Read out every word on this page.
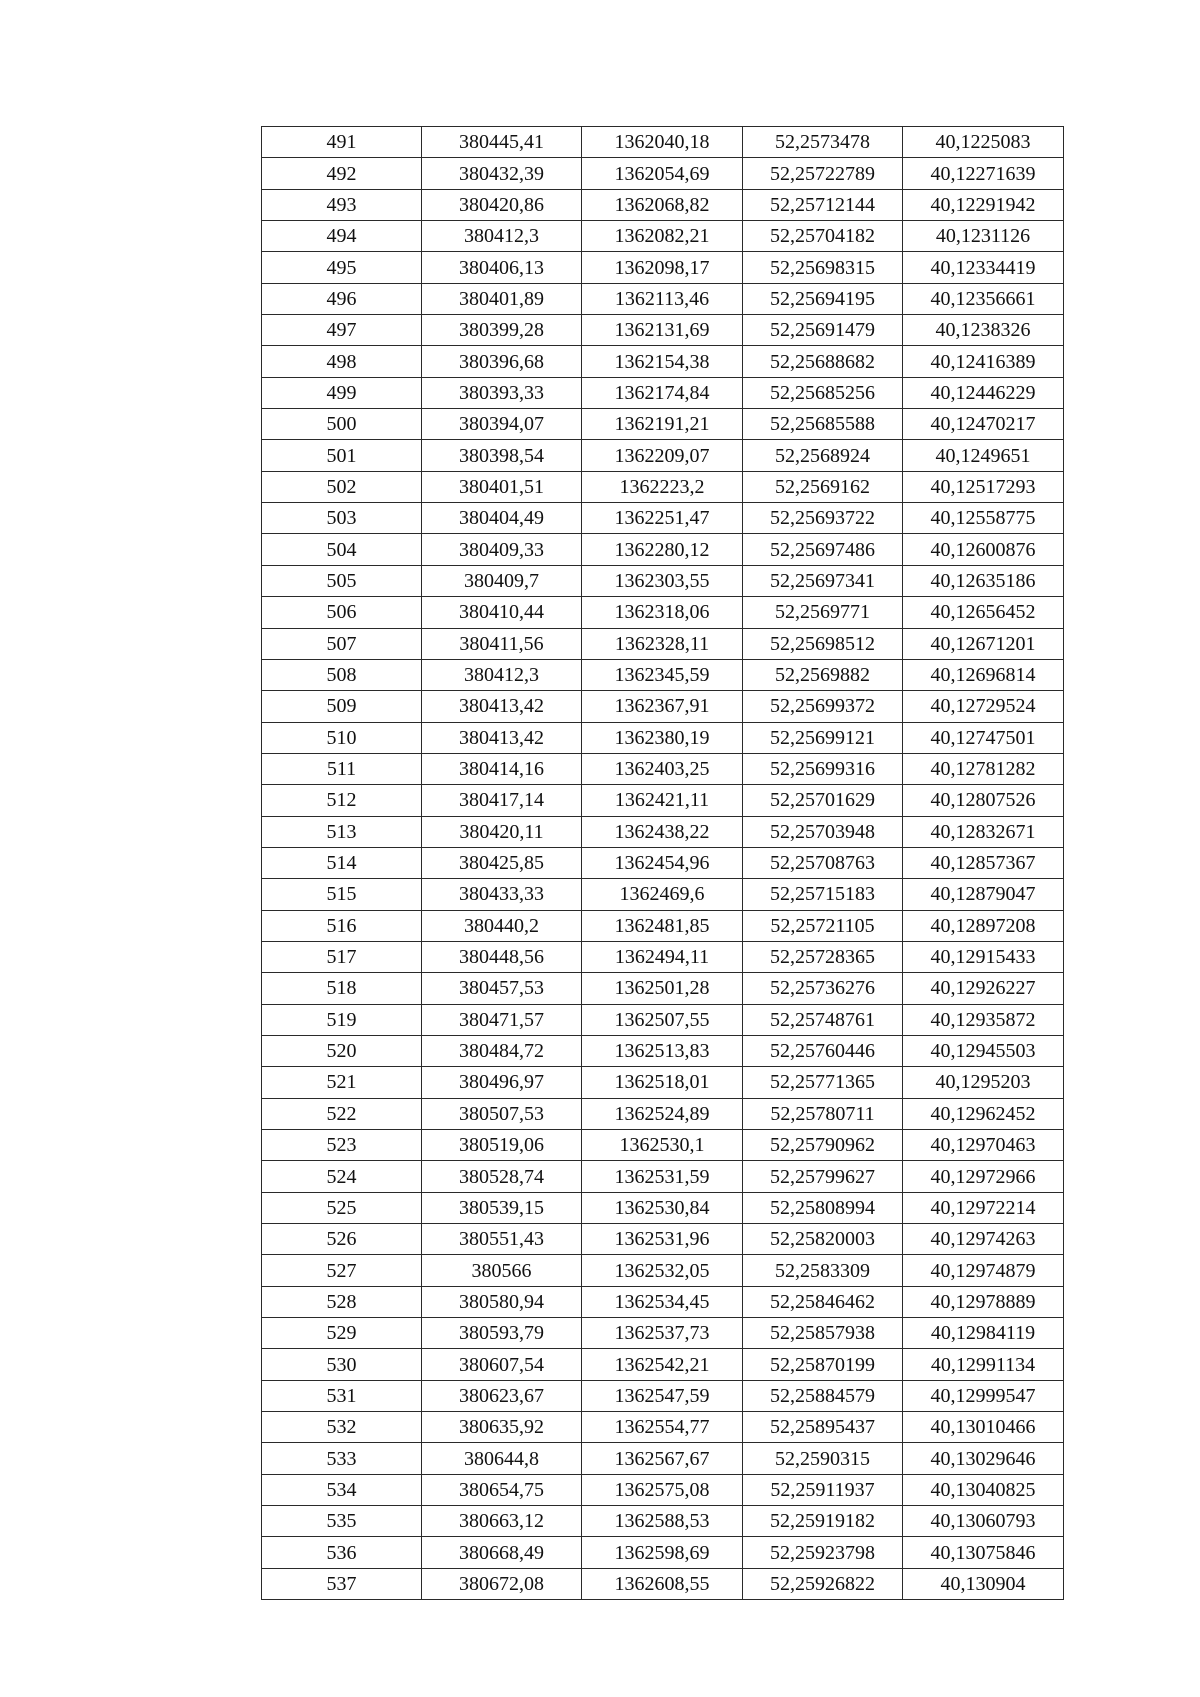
491	380445,41	1362040,18	52,2573478	40,1225083
492	380432,39	1362054,69	52,25722789	40,12271639
493	380420,86	1362068,82	52,25712144	40,12291942
494	380412,3	1362082,21	52,25704182	40,1231126
495	380406,13	1362098,17	52,25698315	40,12334419
496	380401,89	1362113,46	52,25694195	40,12356661
497	380399,28	1362131,69	52,25691479	40,1238326
498	380396,68	1362154,38	52,25688682	40,12416389
499	380393,33	1362174,84	52,25685256	40,12446229
500	380394,07	1362191,21	52,25685588	40,12470217
501	380398,54	1362209,07	52,2568924	40,1249651
502	380401,51	1362223,2	52,2569162	40,12517293
503	380404,49	1362251,47	52,25693722	40,12558775
504	380409,33	1362280,12	52,25697486	40,12600876
505	380409,7	1362303,55	52,25697341	40,12635186
506	380410,44	1362318,06	52,2569771	40,12656452
507	380411,56	1362328,11	52,25698512	40,12671201
508	380412,3	1362345,59	52,2569882	40,12696814
509	380413,42	1362367,91	52,25699372	40,12729524
510	380413,42	1362380,19	52,25699121	40,12747501
511	380414,16	1362403,25	52,25699316	40,12781282
512	380417,14	1362421,11	52,25701629	40,12807526
513	380420,11	1362438,22	52,25703948	40,12832671
514	380425,85	1362454,96	52,25708763	40,12857367
515	380433,33	1362469,6	52,25715183	40,12879047
516	380440,2	1362481,85	52,25721105	40,12897208
517	380448,56	1362494,11	52,25728365	40,12915433
518	380457,53	1362501,28	52,25736276	40,12926227
519	380471,57	1362507,55	52,25748761	40,12935872
520	380484,72	1362513,83	52,25760446	40,12945503
521	380496,97	1362518,01	52,25771365	40,1295203
522	380507,53	1362524,89	52,25780711	40,12962452
523	380519,06	1362530,1	52,25790962	40,12970463
524	380528,74	1362531,59	52,25799627	40,12972966
525	380539,15	1362530,84	52,25808994	40,12972214
526	380551,43	1362531,96	52,25820003	40,12974263
527	380566	1362532,05	52,2583309	40,12974879
528	380580,94	1362534,45	52,25846462	40,12978889
529	380593,79	1362537,73	52,25857938	40,12984119
530	380607,54	1362542,21	52,25870199	40,12991134
531	380623,67	1362547,59	52,25884579	40,12999547
532	380635,92	1362554,77	52,25895437	40,13010466
533	380644,8	1362567,67	52,2590315	40,13029646
534	380654,75	1362575,08	52,25911937	40,13040825
535	380663,12	1362588,53	52,25919182	40,13060793
536	380668,49	1362598,69	52,25923798	40,13075846
537	380672,08	1362608,55	52,25926822	40,130904
